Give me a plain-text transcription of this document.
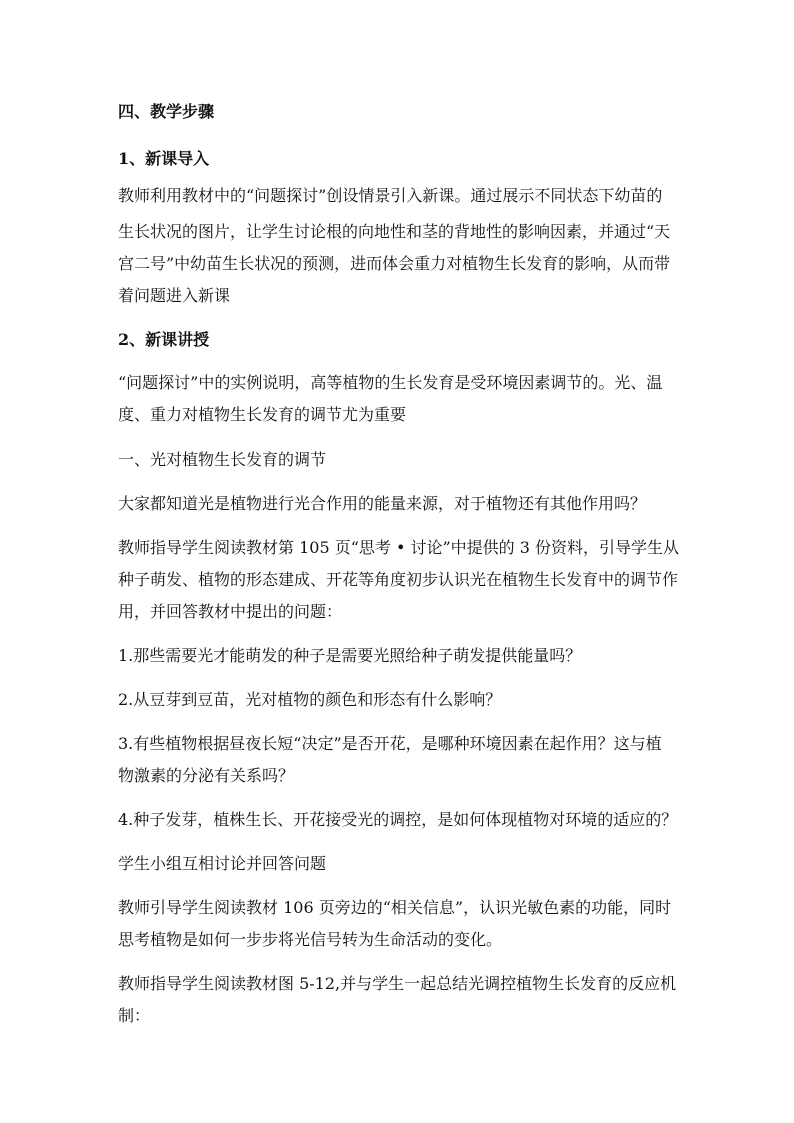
四、教学步骤
1、新课导入
教师利用教材中的“问题探讨”创设情景引入新课。通过展示不同状态下幼苗的
生长状况的图片，让学生讨论根的向地性和茎的背地性的影响因素，并通过“天
宫二号”中幼苗生长状况的预测，进而体会重力对植物生长发育的影响，从而带
着问题进入新课
2、新课讲授
“问题探讨”中的实例说明，高等植物的生长发育是受环境因素调节的。光、温
度、重力对植物生长发育的调节尤为重要
一、光对植物生长发育的调节
大家都知道光是植物进行光合作用的能量来源，对于植物还有其他作用吗？
教师指导学生阅读教材第 105 页“思考 • 讨论”中提供的 3 份资料，引导学生从
种子萌发、植物的形态建成、开花等角度初步认识光在植物生长发育中的调节作
用，并回答教材中提出的问题：
1.那些需要光才能萌发的种子是需要光照给种子萌发提供能量吗？
2.从豆芽到豆苗，光对植物的颜色和形态有什么影响？
3.有些植物根据昼夜长短“决定”是否开花，是哪种环境因素在起作用？这与植
物激素的分泌有关系吗？
4.种子发芽，植株生长、开花接受光的调控，是如何体现植物对环境的适应的？
学生小组互相讨论并回答问题
教师引导学生阅读教材 106 页旁边的“相关信息”，认识光敏色素的功能，同时
思考植物是如何一步步将光信号转为生命活动的变化。
教师指导学生阅读教材图 5-12,并与学生一起总结光调控植物生长发育的反应机
制：
